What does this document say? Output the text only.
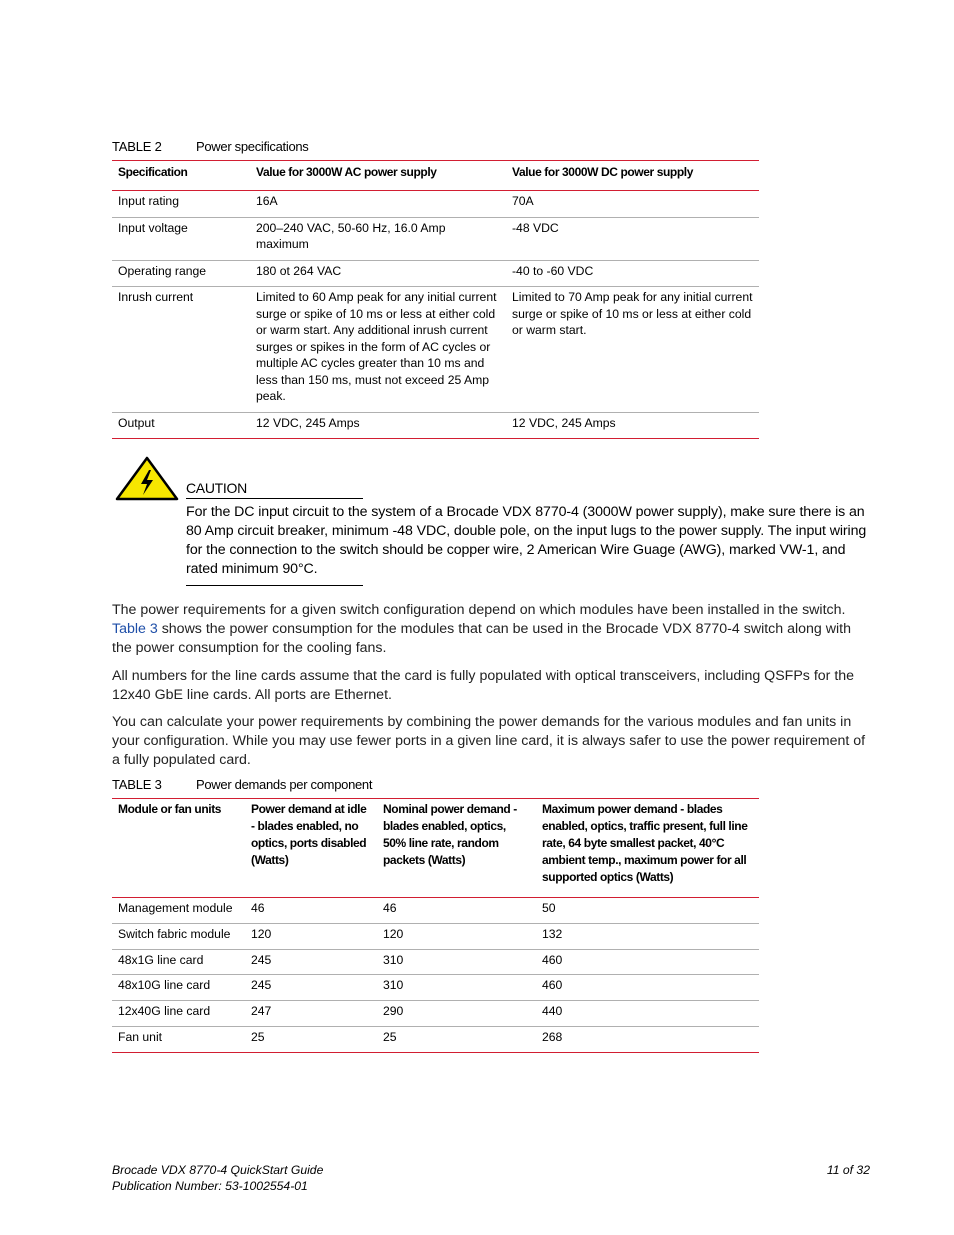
TABLE 2	Power specifications
Specification	Value for 3000W AC power supply	Value for 3000W DC power supply
Input rating	16A	70A
Input voltage	200–240 VAC, 50-60 Hz, 16.0 Amp maximum	-48 VDC
Operating range	180 ot 264 VAC	-40 to -60 VDC
Inrush current	Limited to 60 Amp peak for any initial current surge or spike of 10 ms or less at either cold or warm start. Any additional inrush current surges or spikes in the form of AC cycles or multiple AC cycles greater than 10 ms and less than 150 ms, must not exceed 25 Amp peak.	Limited to 70 Amp peak for any initial current surge or spike of 10 ms or less at either cold or warm start.
Output	12 VDC, 245 Amps	12 VDC, 245 Amps
CAUTION
For the DC input circuit to the system of a Brocade VDX 8770-4 (3000W power supply), make sure there is an 80 Amp circuit breaker, minimum -48 VDC, double pole, on the input lugs to the power supply. The input wiring for the connection to the switch should be copper wire, 2 American Wire Guage (AWG), marked VW-1, and rated minimum 90°C.
The power requirements for a given switch configuration depend on which modules have been installed in the switch. Table 3 shows the power consumption for the modules that can be used in the Brocade VDX 8770-4 switch along with the power consumption for the cooling fans.
All numbers for the line cards assume that the card is fully populated with optical transceivers, including QSFPs for the 12x40 GbE line cards. All ports are Ethernet.
You can calculate your power requirements by combining the power demands for the various modules and fan units in your configuration. While you may use fewer ports in a given line card, it is always safer to use the power requirement of a fully populated card.
TABLE 3	Power demands per component
Module or fan units	Power demand at idle - blades enabled, no optics, ports disabled (Watts)	Nominal power demand - blades enabled, optics, 50% line rate, random packets (Watts)	Maximum power demand - blades enabled, optics, traffic present, full line rate, 64 byte smallest packet, 40°C ambient temp., maximum power for all supported optics (Watts)
Management module	46	46	50
Switch fabric module	120	120	132
48x1G line card	245	310	460
48x10G line card	245	310	460
12x40G line card	247	290	440
Fan unit	25	25	268
Brocade VDX 8770-4 QuickStart Guide
Publication Number: 53-1002554-01
11 of 32
